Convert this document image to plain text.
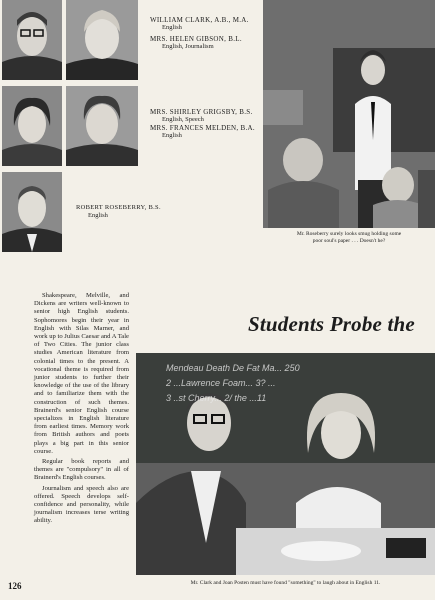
WILLIAM CLARK, A.B., M.A.
English
MRS. HELEN GIBSON, B.L.
English, Journalism
MRS. SHIRLEY GRIGSBY, B.S.
English, Speech
MRS. FRANCES MELDEN, B.A.
English
ROBERT ROSEBERRY, B.S.
English
Mr. Roseberry surely looks smug holding some
poor soul's paper . . . Doesn't he?

Shakespeare, Melville, and Dickens are writers well-known to senior high English students. Sophomores begin their year in English with Silas Marner, and work up to Julius Caesar and A Tale of Two Cities. The junior class studies American literature from colonial times to the present. A vocational theme is required from junior students to further their knowledge of the use of the library and to familiarize them with the construction of such themes. Brainerd's senior English course specializes in English literature from earliest times. Memory work from British authors and poets plays a big part in this senior course.

Regular book reports and themes are "compulsory" in all of Brainerd's English courses.

Journalism and speech also are offered. Speech develops self-confidence and personality, while journalism increases terse writing ability.

Students Probe the
Mendeau Death De Fat Ma... 250
2 ...Lawrence Foam... 3? ...
3 ..st Cherry... 2/ the ...11
Mr. Clark and Joan Posten must have found "something" to laugh about in English 11.
126
